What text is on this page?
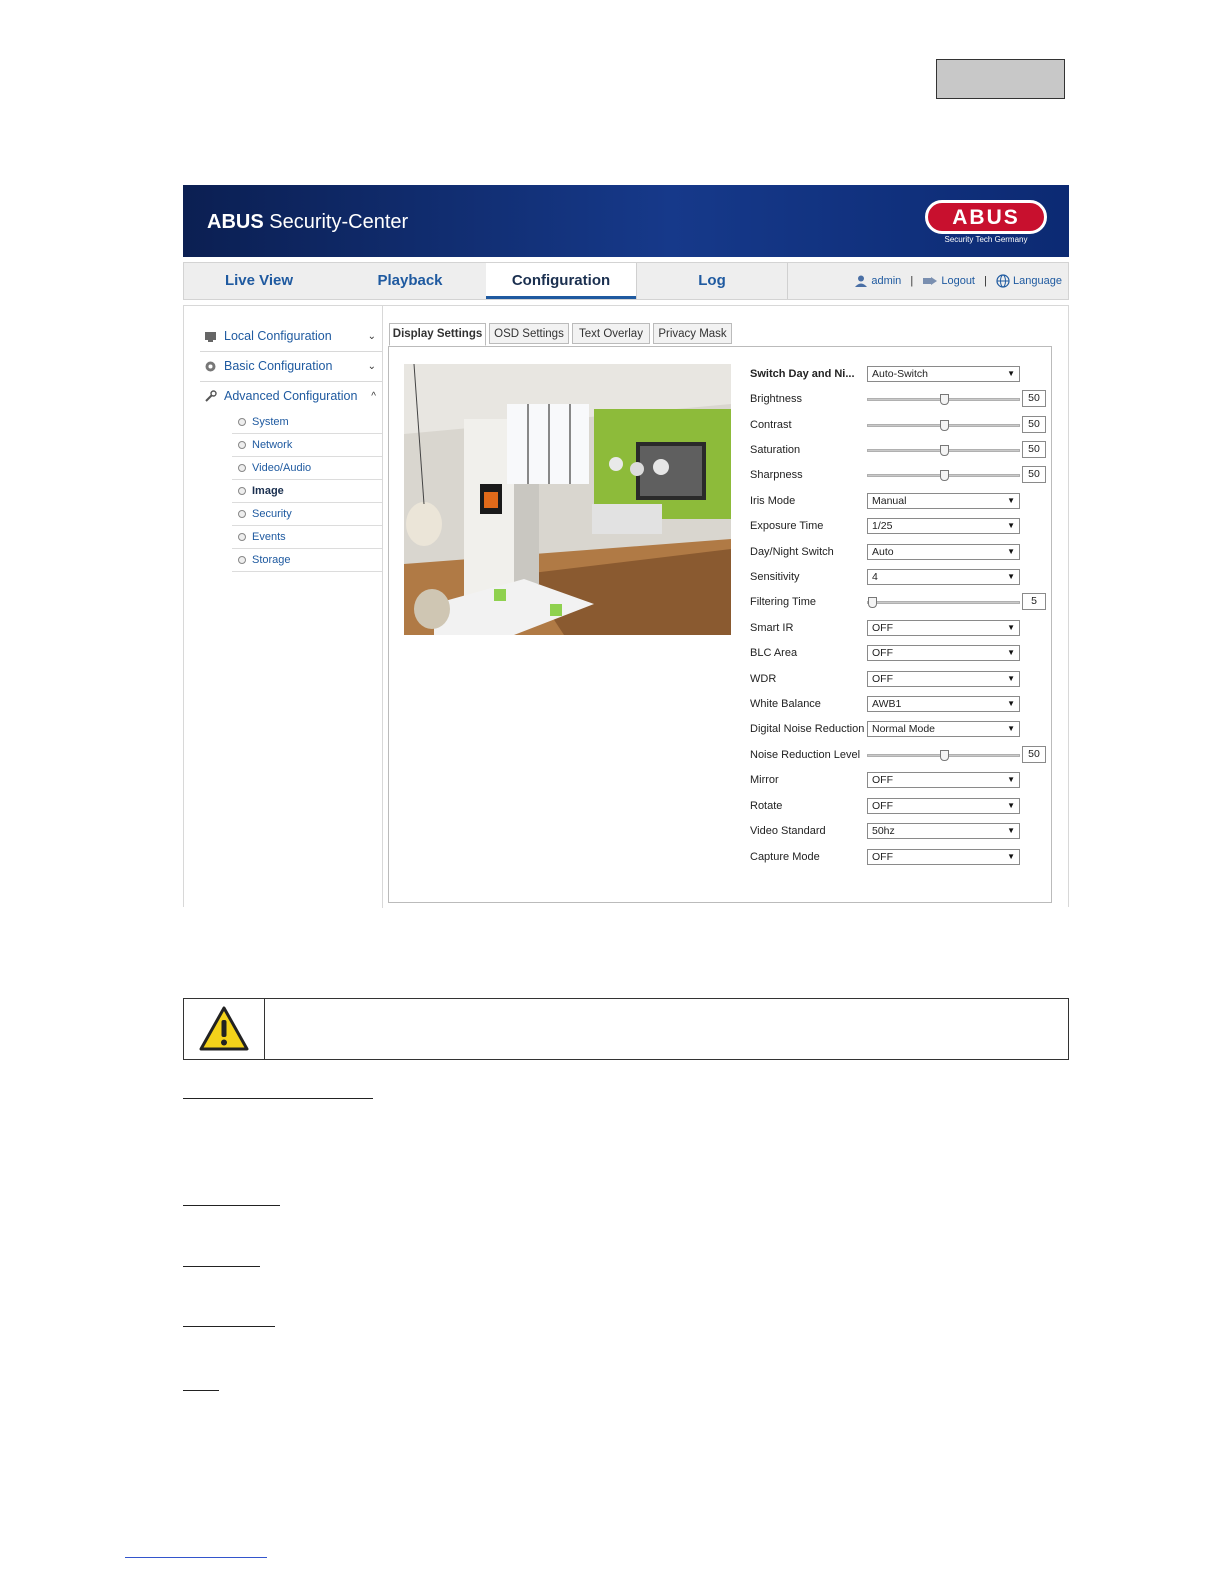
ABUS Security-Center	ABUS
Security Tech Germany
Live View	Playback	Configuration	Log	admin |	Logout | Language
Local Configuration	⌄
Basic Configuration	⌄
Advanced Configuration ^
System
Network
Video/Audio
Image
Security
Events
Storage
Display Settings	OSD Settings	Text Overlay	Privacy Mask
Switch Day and Ni...	Auto-Switch	▼
Brightness	50
Contrast	50
Saturation	50
Sharpness	50
Iris Mode	Manual	▼
Exposure Time	1/25	▼
Day/Night Switch	Auto	▼
Sensitivity	4	▼
Filtering Time	5
Smart IR	OFF	▼
BLC Area	OFF	▼
WDR	OFF	▼
White Balance	AWB1	▼
Digital Noise Reduction Normal Mode	▼
Noise Reduction Level	50
Mirror	OFF	▼
Rotate	OFF	▼
Video Standard	50hz	▼
Capture Mode	OFF	▼
